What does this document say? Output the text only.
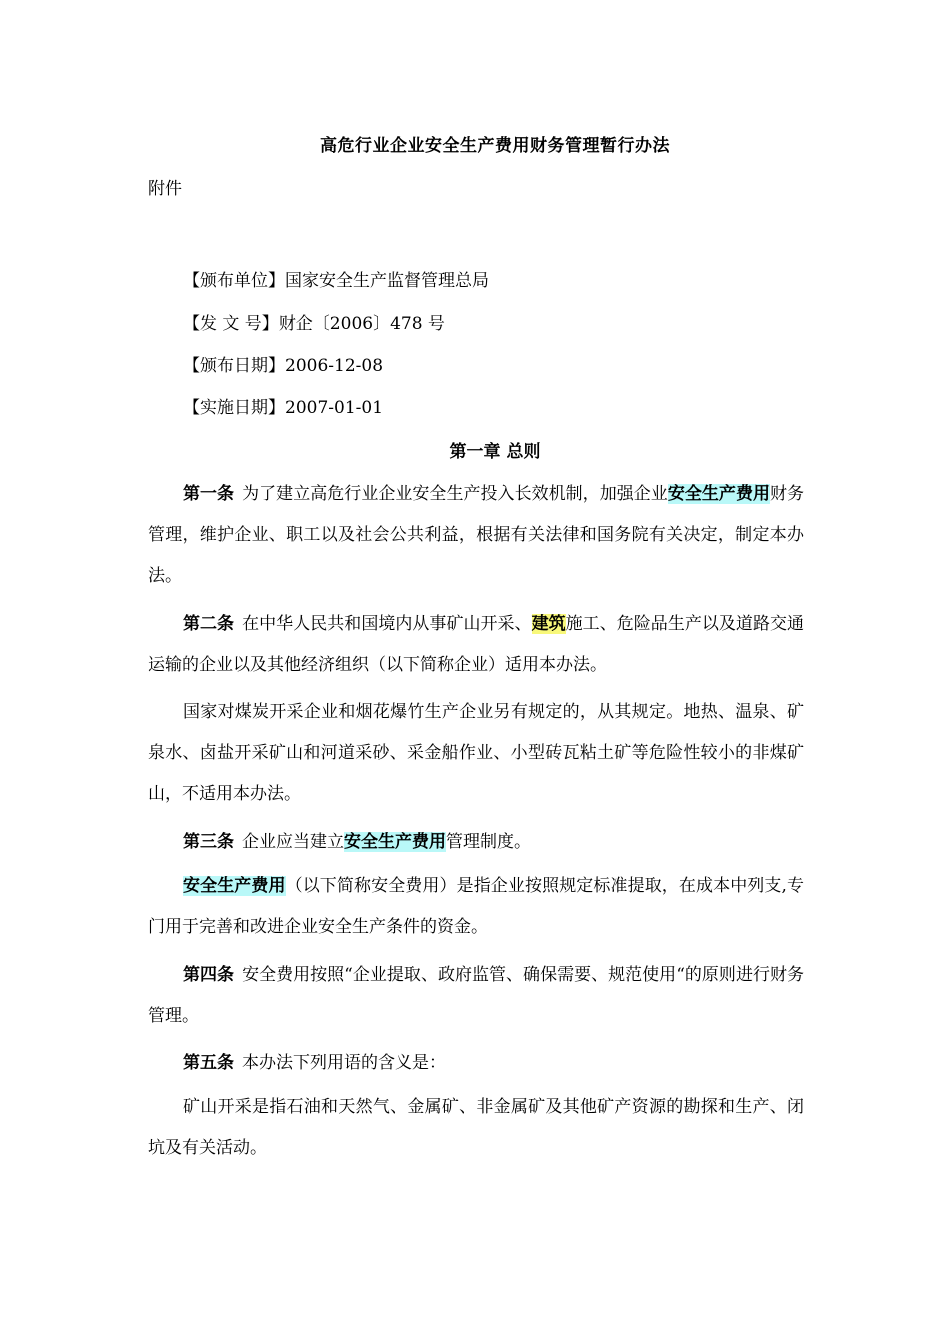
高危行业企业安全生产费用财务管理暂行办法
附件
【颁布单位】国家安全生产监督管理总局
【发 文 号】财企〔2006〕478 号
【颁布日期】2006-12-08
【实施日期】2007-01-01
第一章 总则

第一条 为了建立高危行业企业安全生产投入长效机制，加强企业安全生产费用财务管理，维护企业、职工以及社会公共利益，根据有关法律和国务院有关决定，制定本办法。

第二条 在中华人民共和国境内从事矿山开采、建筑施工、危险品生产以及道路交通运输的企业以及其他经济组织（以下简称企业）适用本办法。

国家对煤炭开采企业和烟花爆竹生产企业另有规定的，从其规定。地热、温泉、矿泉水、卤盐开采矿山和河道采砂、采金船作业、小型砖瓦粘土矿等危险性较小的非煤矿山，不适用本办法。

第三条 企业应当建立安全生产费用管理制度。

安全生产费用（以下简称安全费用）是指企业按照规定标准提取，在成本中列支,专门用于完善和改进企业安全生产条件的资金。

第四条 安全费用按照“企业提取、政府监管、确保需要、规范使用“的原则进行财务管理。

第五条 本办法下列用语的含义是：

矿山开采是指石油和天然气、金属矿、非金属矿及其他矿产资源的勘探和生产、闭坑及有关活动。
